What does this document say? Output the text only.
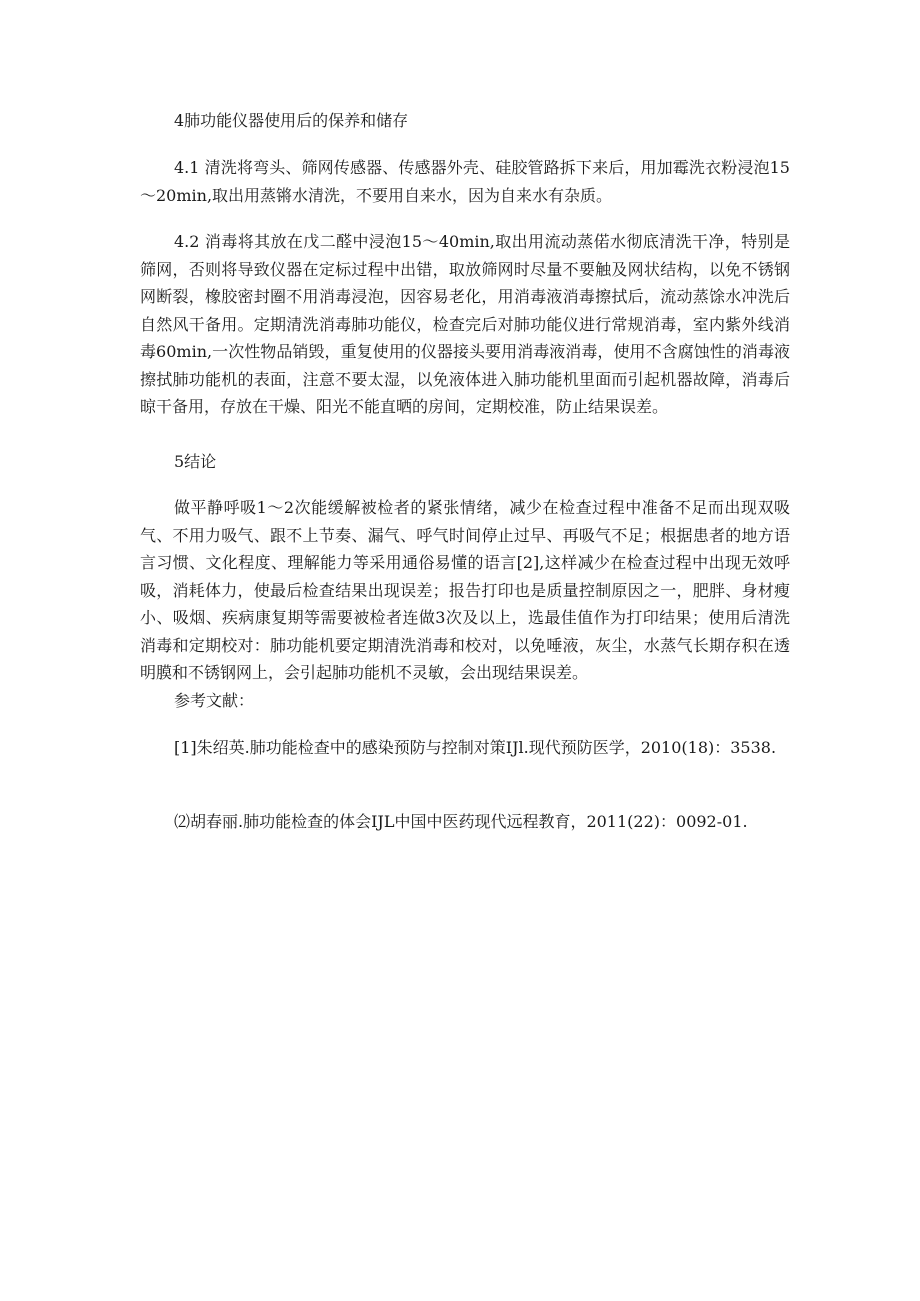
4肺功能仪器使用后的保养和储存

4.1 清洗将弯头、筛网传感器、传感器外壳、硅胶管路拆下来后，用加霉洗衣粉浸泡15～20min,取出用蒸锵水清洗，不要用自来水，因为自来水有杂质。

4.2 消毒将其放在戊二醛中浸泡15～40min,取出用流动蒸偌水彻底清洗干净，特别是筛网，否则将导致仪器在定标过程中出错，取放筛网时尽量不要触及网状结构，以免不锈钢网断裂，橡胶密封圈不用消毒浸泡，因容易老化，用消毒液消毒擦拭后，流动蒸馀水冲洗后自然风干备用。定期清洗消毒肺功能仪，检查完后对肺功能仪进行常规消毒，室内紫外线消毒60min,一次性物品销毁，重复使用的仪器接头要用消毒液消毒，使用不含腐蚀性的消毒液擦拭肺功能机的表面，注意不要太湿，以免液体进入肺功能机里面而引起机器故障，消毒后晾干备用，存放在干燥、阳光不能直晒的房间，定期校准，防止结果误差。

5结论

做平静呼吸1～2次能缓解被检者的紧张情绪，减少在检查过程中准备不足而出现双吸气、不用力吸气、跟不上节奏、漏气、呼气时间停止过早、再吸气不足；根据患者的地方语言习惯、文化程度、理解能力等采用通俗易懂的语言[2],这样减少在检查过程中出现无效呼吸，消耗体力，使最后检查结果出现误差；报告打印也是质量控制原因之一，肥胖、身材瘦小、吸烟、疾病康复期等需要被检者连做3次及以上，选最佳值作为打印结果；使用后清洗消毒和定期校对：肺功能机要定期清洗消毒和校对，以免唾液，灰尘，水蒸气长期存积在透明膜和不锈钢网上，会引起肺功能机不灵敏，会出现结果误差。

参考文献：

[1]朱绍英.肺功能检查中的感染预防与控制对策IJl.现代预防医学，2010(18)：3538.

⑵胡春丽.肺功能检查的体会IJL中国中医药现代远程教育，2011(22)：0092-01.
